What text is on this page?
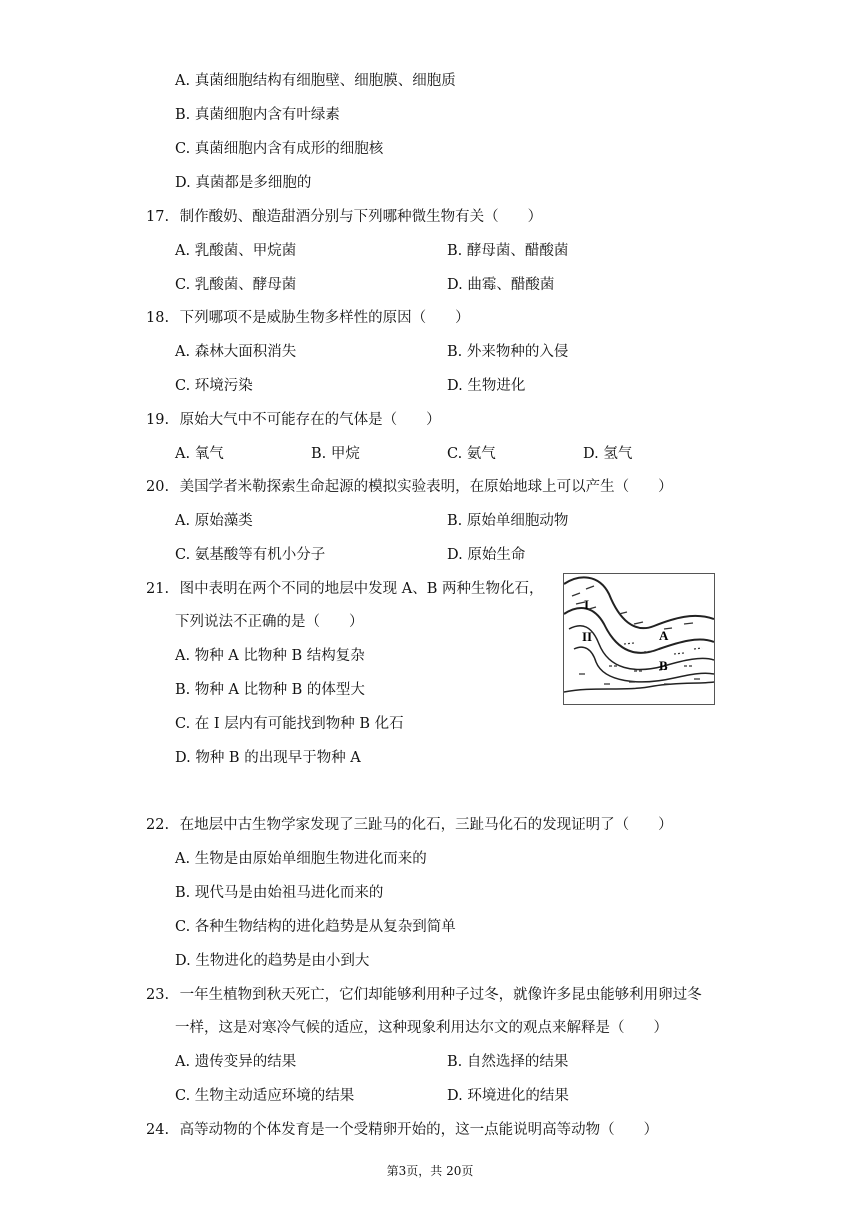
A. 真菌细胞结构有细胞壁、细胞膜、细胞质
B. 真菌细胞内含有叶绿素
C. 真菌细胞内含有成形的细胞核
D. 真菌都是多细胞的
17. 制作酸奶、酿造甜酒分别与下列哪种微生物有关（　　）
A. 乳酸菌、甲烷菌	B. 酵母菌、醋酸菌
C. 乳酸菌、酵母菌	D. 曲霉、醋酸菌
18. 下列哪项不是威胁生物多样性的原因（　　）
A. 森林大面积消失	B. 外来物种的入侵
C. 环境污染	D. 生物进化
19. 原始大气中不可能存在的气体是（　　）
A. 氧气	B. 甲烷	C. 氨气	D. 氢气
20. 美国学者米勒探索生命起源的模拟实验表明，在原始地球上可以产生（　　）
A. 原始藻类	B. 原始单细胞动物
C. 氨基酸等有机小分子	D. 原始生命
21. 图中表明在两个不同的地层中发现 A、B 两种生物化石，
下列说法不正确的是（　　）
A. 物种 A 比物种 B 结构复杂
B. 物种 A 比物种 B 的体型大
C. 在 I 层内有可能找到物种 B 化石
D. 物种 B 的出现早于物种 A
I
II	A
B
22. 在地层中古生物学家发现了三趾马的化石，三趾马化石的发现证明了（　　）
A. 生物是由原始单细胞生物进化而来的
B. 现代马是由始祖马进化而来的
C. 各种生物结构的进化趋势是从复杂到简单
D. 生物进化的趋势是由小到大
23. 一年生植物到秋天死亡，它们却能够利用种子过冬，就像许多昆虫能够利用卵过冬
一样，这是对寒冷气候的适应，这种现象利用达尔文的观点来解释是（　　）
A. 遗传变异的结果	B. 自然选择的结果
C. 生物主动适应环境的结果	D. 环境进化的结果
24. 高等动物的个体发育是一个受精卵开始的，这一点能说明高等动物（　　）
第3页，共 20页
